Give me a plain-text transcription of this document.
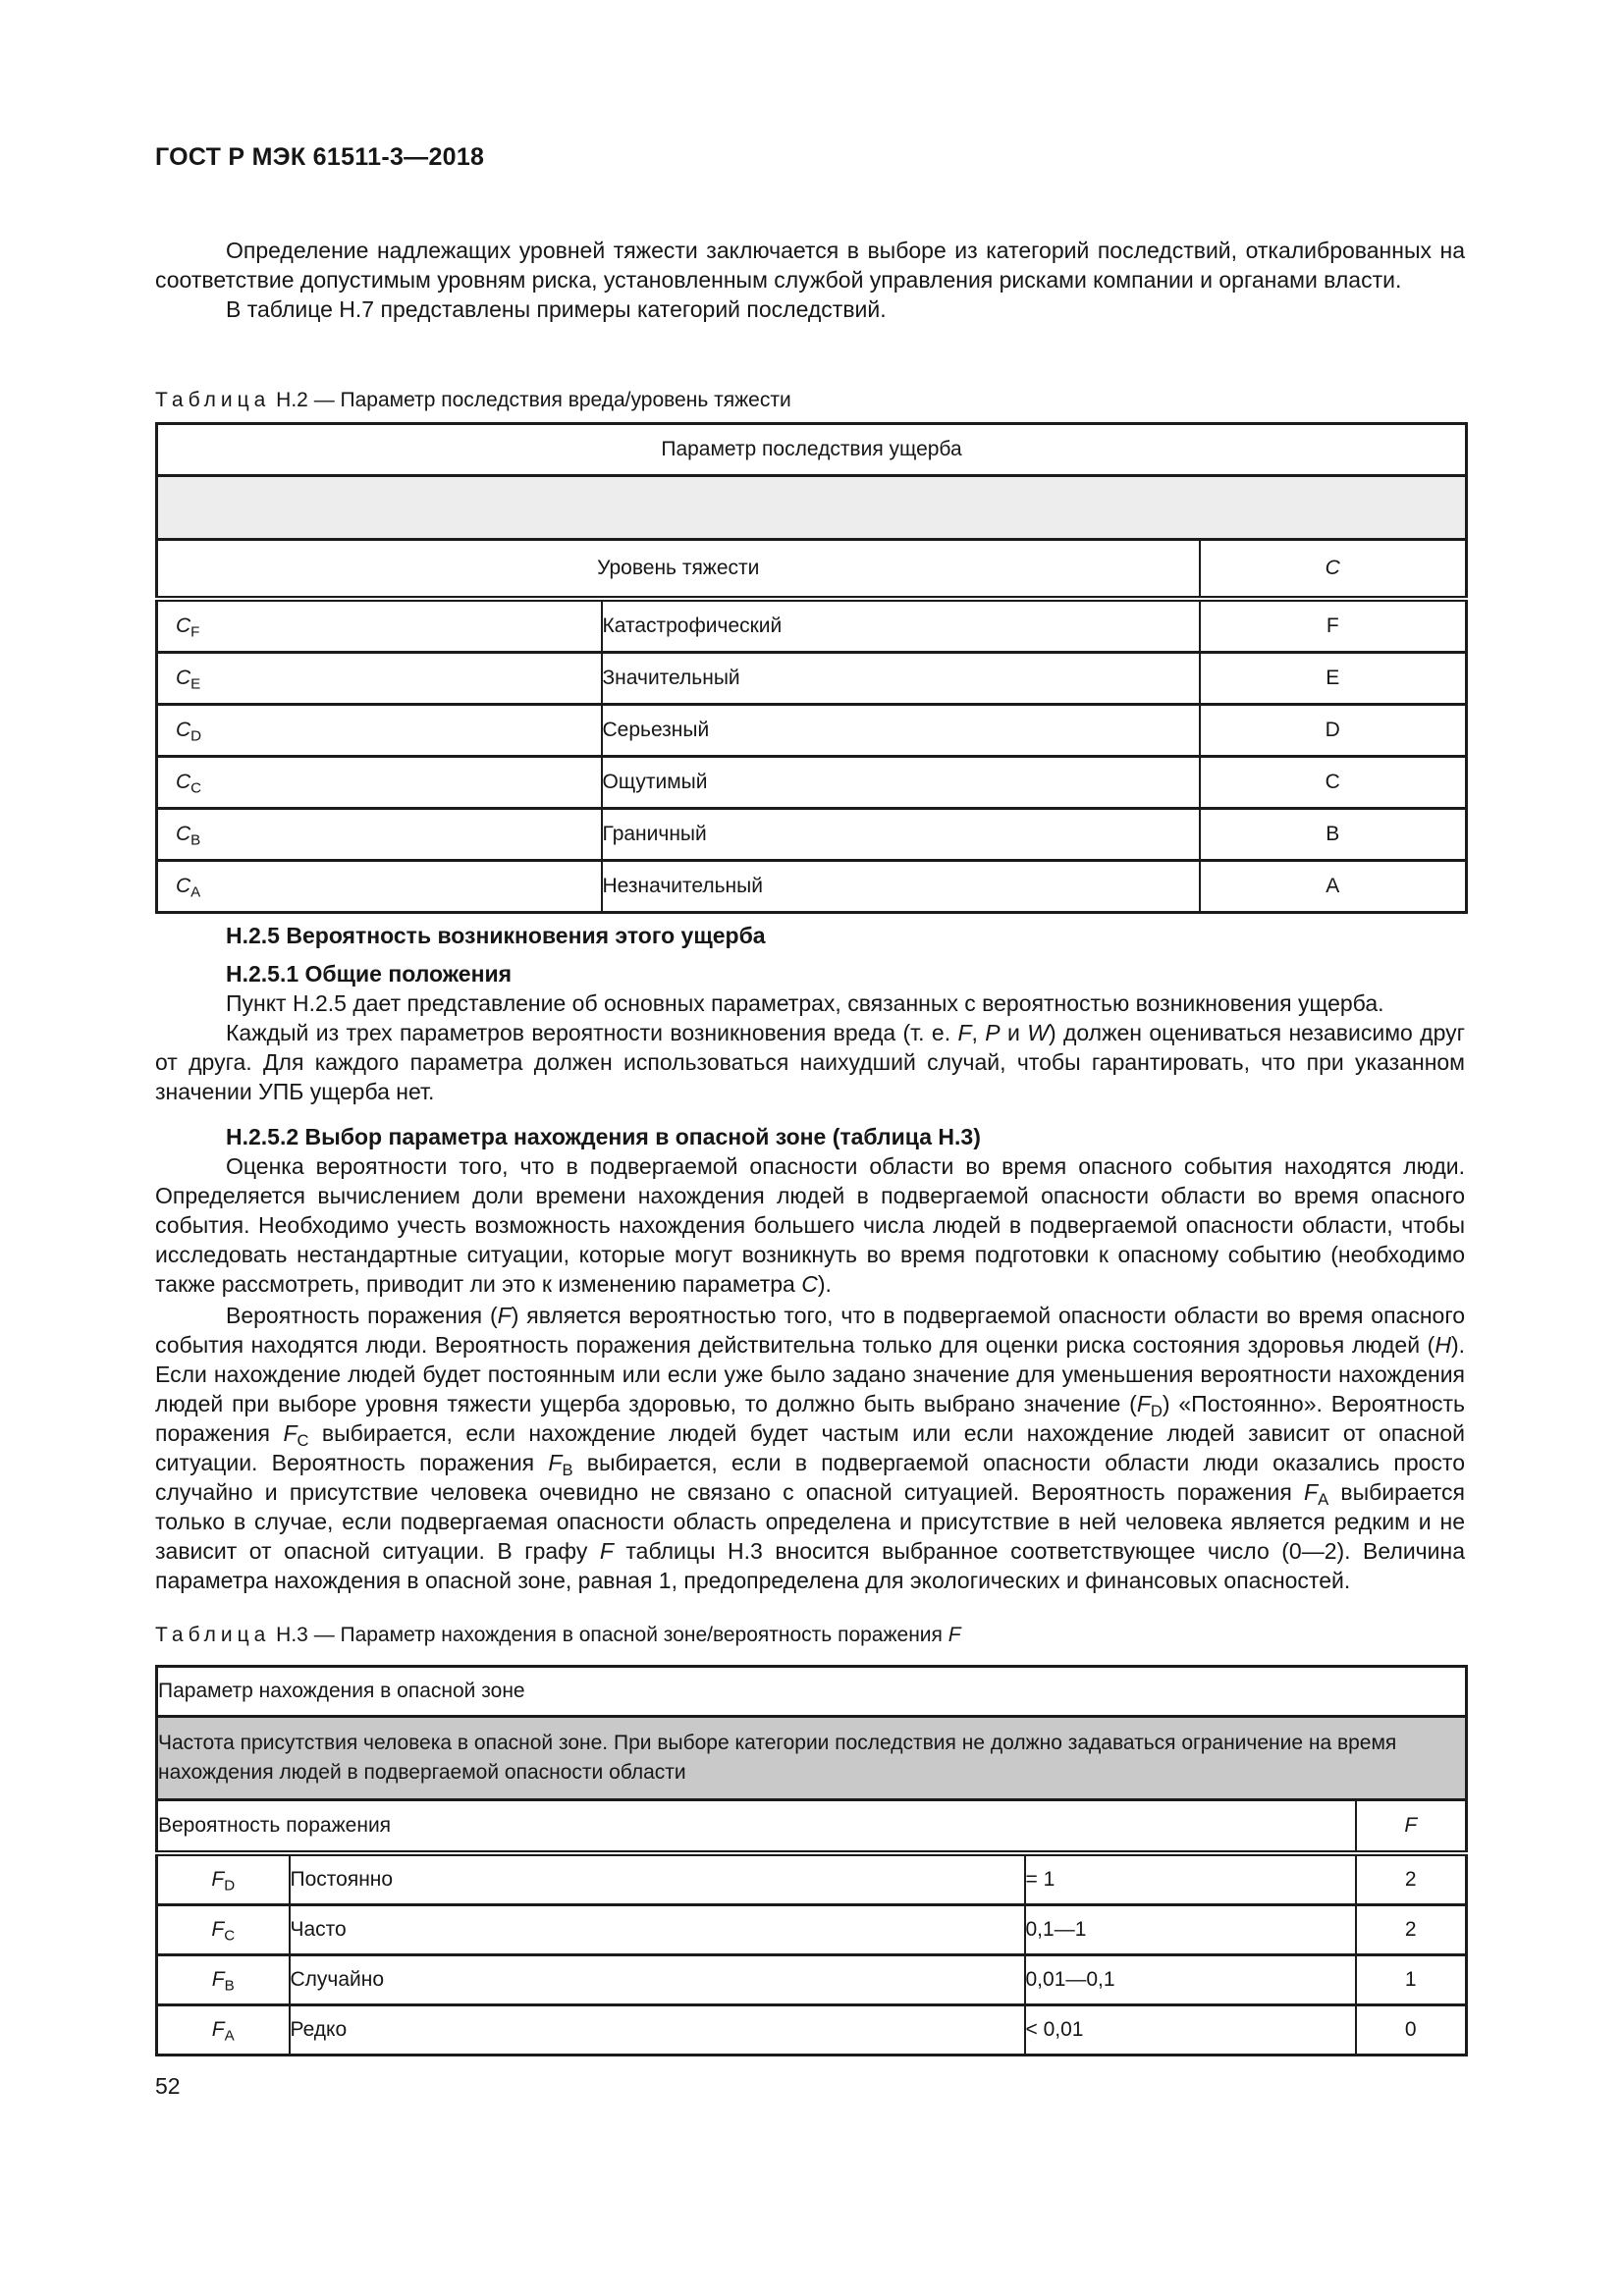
ГОСТ Р МЭК 61511-3—2018

Определение надлежащих уровней тяжести заключается в выборе из категорий последствий, откалиброванных на соответствие допустимым уровням риска, установленным службой управления рисками компании и органами власти.

В таблице Н.7 представлены примеры категорий последствий.

Таблица Н.2 — Параметр последствия вреда/уровень тяжести
Параметр последствия ущерба		

Уровень тяжести		C
$C_F$	Катастрофический	F
$C_E$	Значительный	E
$C_D$	Серьезный	D
$C_C$	Ощутимый	C
$C_B$	Граничный	B
$C_A$	Незначительный	A
Н.2.5 Вероятность возникновения этого ущерба
Н.2.5.1 Общие положения

Пункт Н.2.5 дает представление об основных параметрах, связанных с вероятностью возникновения ущерба.

Каждый из трех параметров вероятности возникновения вреда (т. е. F, P и W) должен оцениваться независимо друг от друга. Для каждого параметра должен использоваться наихудший случай, чтобы гарантировать, что при указанном значении УПБ ущерба нет.

Н.2.5.2 Выбор параметра нахождения в опасной зоне (таблица Н.3)

Оценка вероятности того, что в подвергаемой опасности области во время опасного события находятся люди. Определяется вычислением доли времени нахождения людей в подвергаемой опасности области во время опасного события. Необходимо учесть возможность нахождения большего числа людей в подвергаемой опасности области, чтобы исследовать нестандартные ситуации, которые могут возникнуть во время подготовки к опасному событию (необходимо также рассмотреть, приводит ли это к изменению параметра C).

Вероятность поражения (F) является вероятностью того, что в подвергаемой опасности области во время опасного события находятся люди. Вероятность поражения действительна только для оценки риска состояния здоровья людей (H). Если нахождение людей будет постоянным или если уже было задано значение для уменьшения вероятности нахождения людей при выборе уровня тяжести ущерба здоровью, то должно быть выбрано значение $(F_D)$ «Постоянно». Вероятность поражения $F_C$ выбирается, если нахождение людей будет частым или если нахождение людей зависит от опасной ситуации. Вероятность поражения $F_B$ выбирается, если в подвергаемой опасности области люди оказались просто случайно и присутствие человека очевидно не связано с опасной ситуацией. Вероятность поражения $F_A$ выбирается только в случае, если подвергаемая опасности область определена и присутствие в ней человека является редким и не зависит от опасной ситуации. В графу F таблицы Н.3 вносится выбранное соответствующее число (0—2). Величина параметра нахождения в опасной зоне, равная 1, предопределена для экологических и финансовых опасностей.

Таблица Н.3 — Параметр нахождения в опасной зоне/вероятность поражения F
Параметр нахождения в опасной зоне			
Частота присутствия человека в опасной зоне. При выборе категории последствия не должно задаваться ограничение на время нахождения людей в подвергаемой опасности области			
Вероятность поражения			F
$F_D$	Постоянно	= 1	2
$F_C$	Часто	0,1—1	2
$F_B$	Случайно	0,01—0,1	1
$F_A$	Редко	< 0,01	0
52
